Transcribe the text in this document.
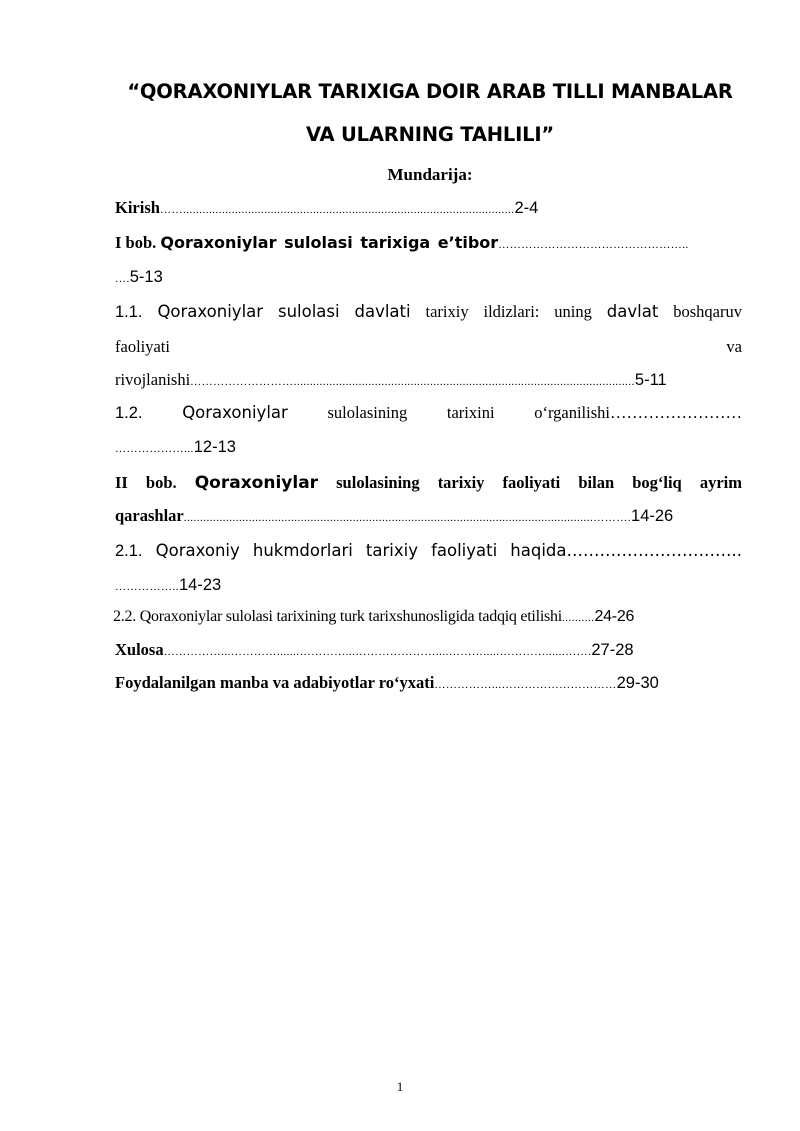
“QORAXONIYLAR TARIXIGA DOIR ARAB TILLI MANBALAR
VA ULARNING TAHLILI”
Mundarija:
Kirish……......................................................................................................2-4
I bob. Qoraxoniylar sulolasi tarixiga e’tibor…………………………………………..
….5-13
1.1. Qoraxoniylar sulolasi davlati tarixiy ildizlari: uning davlat boshqaruv
faoliyati	va
rivojlanishi……………………….........................................................................................................5-11
1.2. Qoraxoniylar sulolasining tarixini o‘rganilishi……………………
………………...12-13
II bob. Qoraxoniylar sulolasining tarixiy faoliyati bilan bog‘liq ayrim
qarashlar..............................................................................................................................……….14-26
2.1. Qoraxoniy hukmdorlari tarixiy faoliyati haqida…………………………..
……………..14-23
2.2. Qoraxoniylar sulolasi tarixining turk tarixshunosligida tadqiq etilishi..........24-26
Xulosa……………...………….......…………...…………………....……….....…………......…….27-28
Foydalanilgan manba va adabiyotlar ro‘yxati……………...…………………………29-30
1
